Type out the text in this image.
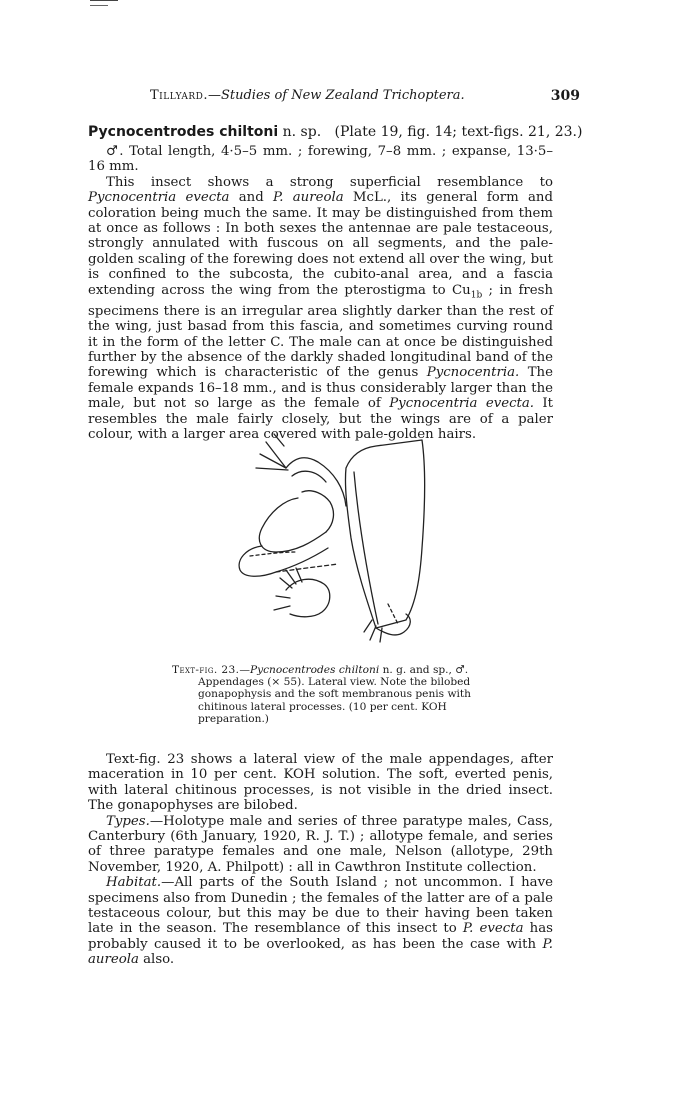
Tillyard.—Studies of New Zealand Trichoptera.	309
Pycnocentrodes chiltoni n. sp. (Plate 19, fig. 14; text-figs. 21, 23.)

♂. Total length, 4·5–5 mm. ; forewing, 7–8 mm. ; expanse, 13·5–16 mm.

This insect shows a strong superficial resemblance to Pycnocentria evecta and P. aureola McL., its general form and coloration being much the same. It may be distinguished from them at once as follows : In both sexes the antennae are pale testaceous, strongly annulated with fuscous on all segments, and the pale-golden scaling of the forewing does not extend all over the wing, but is confined to the subcosta, the cubito-anal area, and a fascia extending across the wing from the pterostigma to $Cu_{1b}$ ; in fresh specimens there is an irregular area slightly darker than the rest of the wing, just basad from this fascia, and sometimes curving round it in the form of the letter C. The male can at once be distinguished further by the absence of the darkly shaded longitudinal band of the forewing which is characteristic of the genus Pycnocentria. The female expands 16–18 mm., and is thus considerably larger than the male, but not so large as the female of Pycnocentria evecta. It resembles the male fairly closely, but the wings are of a paler colour, with a larger area covered with pale-golden hairs.

Text-fig. 23.—Pycnocentrodes chiltoni n. g. and sp., ♂.
Appendages (× 55). Lateral view. Note the bilobed gonapophysis and the soft membranous penis with chitinous lateral processes. (10 per cent. KOH preparation.)

Text-fig. 23 shows a lateral view of the male appendages, after maceration in 10 per cent. KOH solution. The soft, everted penis, with lateral chitinous processes, is not visible in the dried insect. The gonapophyses are bilobed.

Types.—Holotype male and series of three paratype males, Cass, Canterbury (6th January, 1920, R. J. T.) ; allotype female, and series of three paratype females and one male, Nelson (allotype, 29th November, 1920, A. Philpott) : all in Cawthron Institute collection.

Habitat.—All parts of the South Island ; not uncommon. I have specimens also from Dunedin ; the females of the latter are of a pale testaceous colour, but this may be due to their having been taken late in the season. The resemblance of this insect to P. evecta has probably caused it to be overlooked, as has been the case with P. aureola also.
